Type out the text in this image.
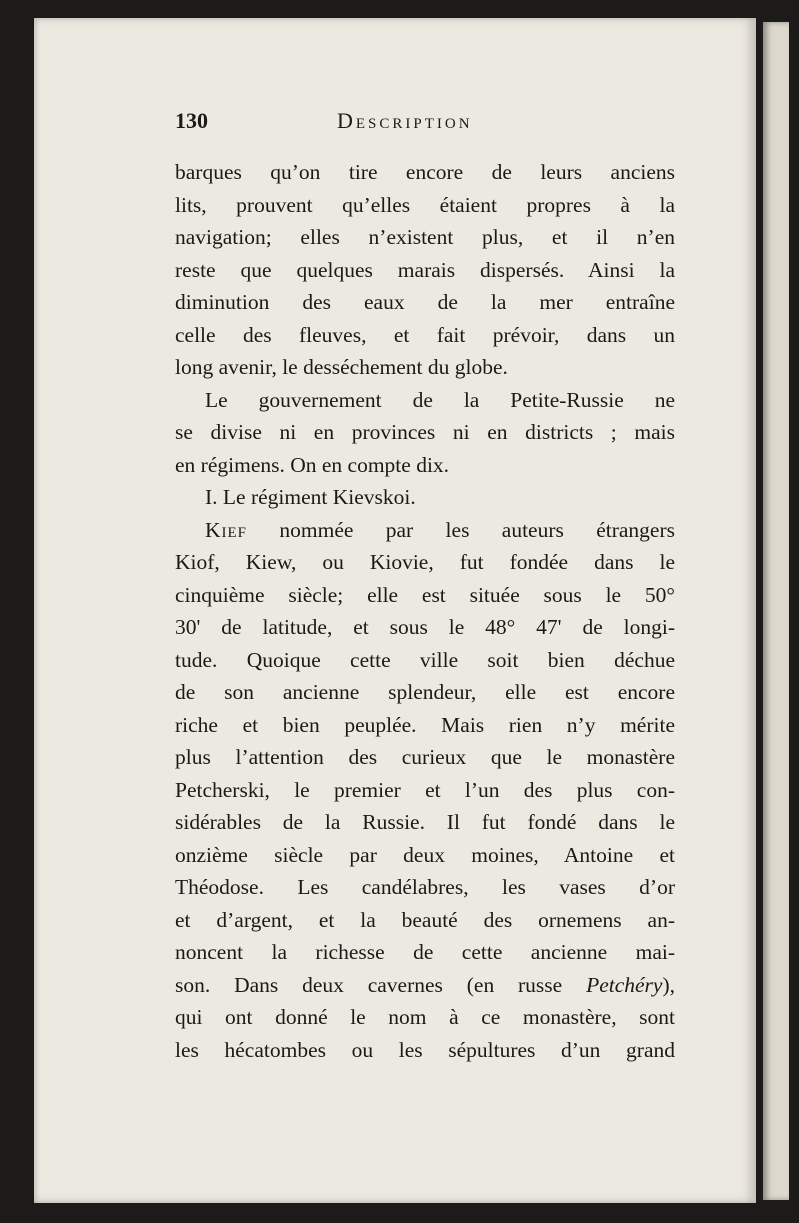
130	Description
barques qu’on tire encore de leurs anciens
lits, prouvent qu’elles étaient propres à la
navigation; elles n’existent plus, et il n’en
reste que quelques marais dispersés. Ainsi la
diminution des eaux de la mer entraîne
celle des fleuves, et fait prévoir, dans un
long avenir, le desséchement du globe.
Le gouvernement de la Petite-Russie ne
se divise ni en provinces ni en districts ; mais
en régimens. On en compte dix.
I. Le régiment Kievskoi.
Kief nommée par les auteurs étrangers
Kiof, Kiew, ou Kiovie, fut fondée dans le
cinquième siècle; elle est située sous le 50°
30' de latitude, et sous le 48° 47' de longi-
tude. Quoique cette ville soit bien déchue
de son ancienne splendeur, elle est encore
riche et bien peuplée. Mais rien n’y mérite
plus l’attention des curieux que le monastère
Petcherski, le premier et l’un des plus con-
sidérables de la Russie. Il fut fondé dans le
onzième siècle par deux moines, Antoine et
Théodose. Les candélabres, les vases d’or
et d’argent, et la beauté des ornemens an-
noncent la richesse de cette ancienne mai-
son. Dans deux cavernes (en russe Petchéry),
qui ont donné le nom à ce monastère, sont
les hécatombes ou les sépultures d’un grand
